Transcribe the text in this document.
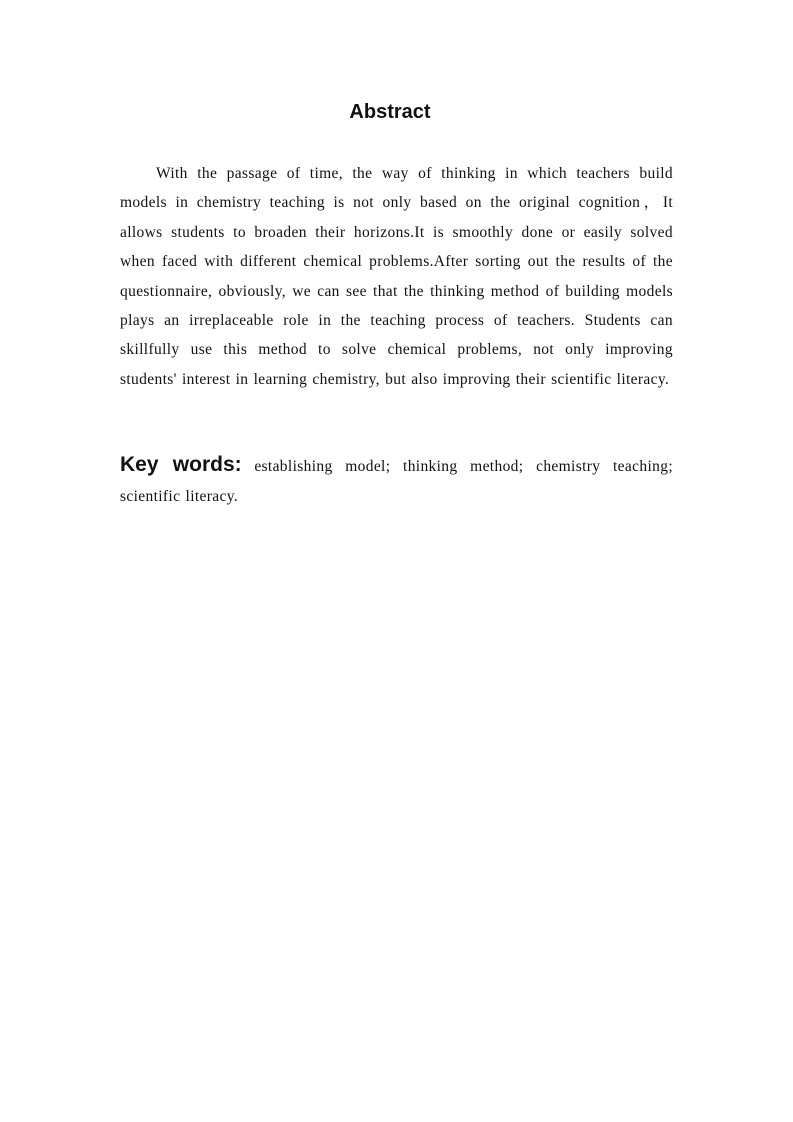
Abstract

With the passage of time, the way of thinking in which teachers build models in chemistry teaching is not only based on the original cognition，It allows students to broaden their horizons.It is smoothly done or easily solved when faced with different chemical problems.After sorting out the results of the questionnaire, obviously, we can see that the thinking method of building models plays an irreplaceable role in the teaching process of teachers. Students can skillfully use this method to solve chemical problems, not only improving students' interest in learning chemistry, but also improving their scientific literacy.

Key words: establishing model; thinking method; chemistry teaching; scientific literacy.
